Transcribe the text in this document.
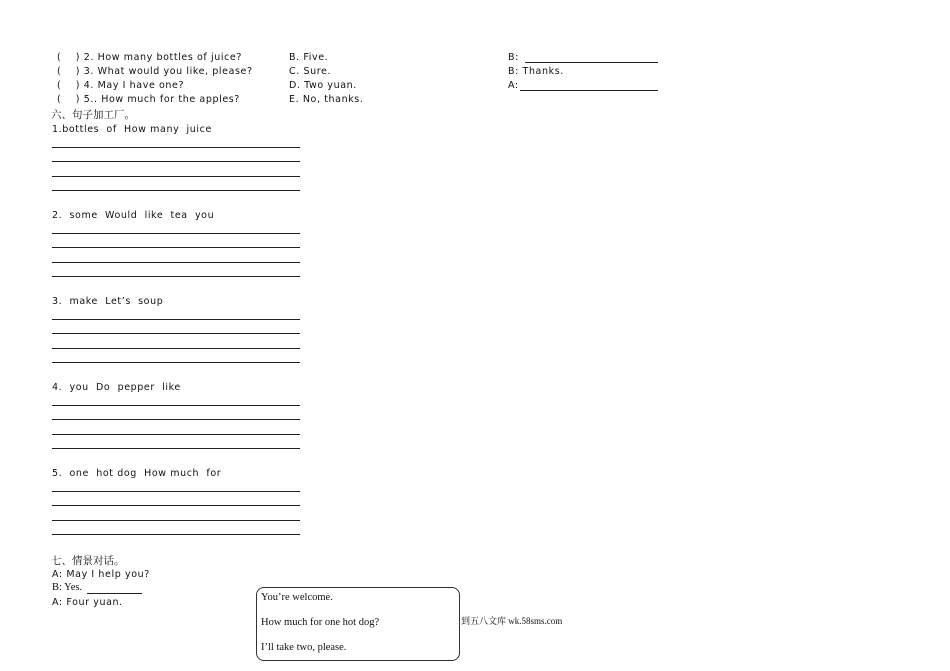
(    ) 2. How many bottles of juice?
(    ) 3. What would you like, please?
(    ) 4. May I have one?
(    ) 5.. How much for the apples?
B. Five.
C. Sure.
D. Two yuan.
E. No, thanks.
B:
B: Thanks.
A:
六、句子加工厂。
1.bottles  of  How many  juice
2.  some  Would  like  tea  you
3.  make  Let’s  soup
4.  you  Do  pepper  like
5.  one  hot dog  How much  for
七、情景对话。
A: May I help you?
B: Yes.
A: Four yuan.	You’re welcome.
How much for one hot dog?
I’ll take two, please.
到五八文库 wk.58sms.com
